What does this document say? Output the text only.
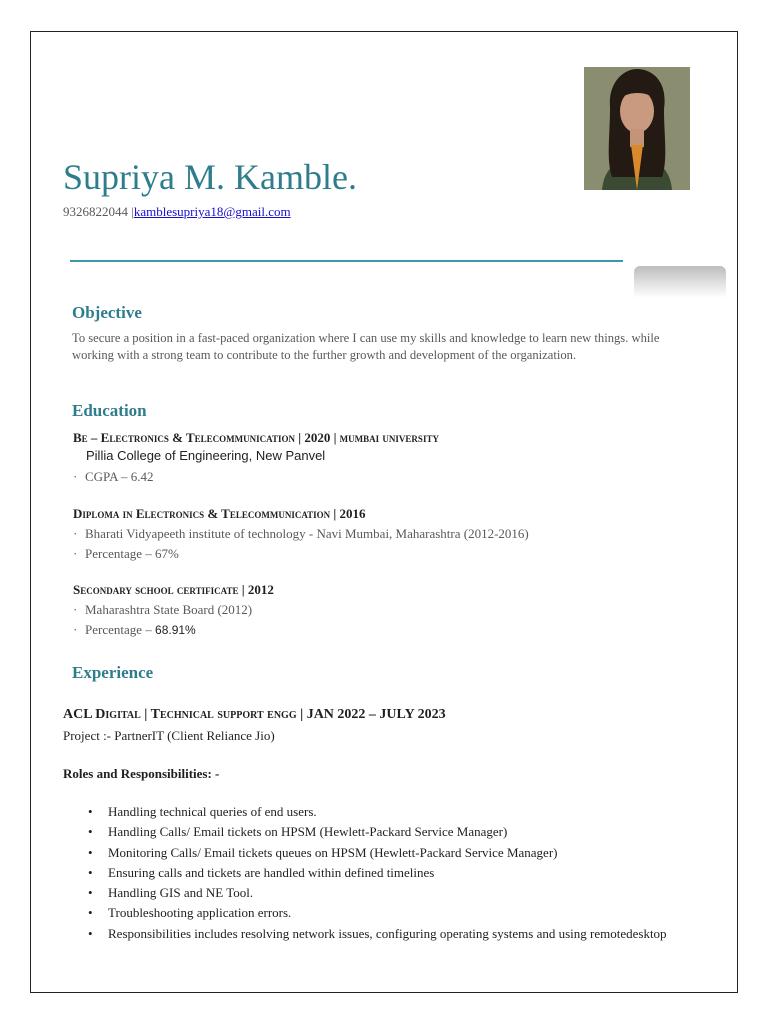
Supriya M. Kamble.
9326822044 |kamblesupriya18@gmail.com
Objective
To secure a position in a fast-paced organization where I can use my skills and knowledge to learn new things. while working with a strong team to contribute to the further growth and development of the organization.
Education
Be – Electronics & Telecommunication | 2020 | mumbai university
Pillia College of Engineering, New Panvel
· CGPA – 6.42
Diploma in Electronics & Telecommunication | 2016
· Bharati Vidyapeeth institute of technology - Navi Mumbai, Maharashtra (2012-2016)
· Percentage – 67%
Secondary school certificate | 2012
· Maharashtra State Board (2012)
· Percentage – 68.91%
Experience
ACL Digital | Technical support engg | JAN 2022 – JULY 2023
Project :- PartnerIT (Client Reliance Jio)
Roles and Responsibilities: -
• Handling technical queries of end users.
• Handling Calls/ Email tickets on HPSM (Hewlett-Packard Service Manager)
• Monitoring Calls/ Email tickets queues on HPSM (Hewlett-Packard Service Manager)
• Ensuring calls and tickets are handled within defined timelines
• Handling GIS and NE Tool.
• Troubleshooting application errors.
• Responsibilities includes resolving network issues, configuring operating systems and using remotedesktop
